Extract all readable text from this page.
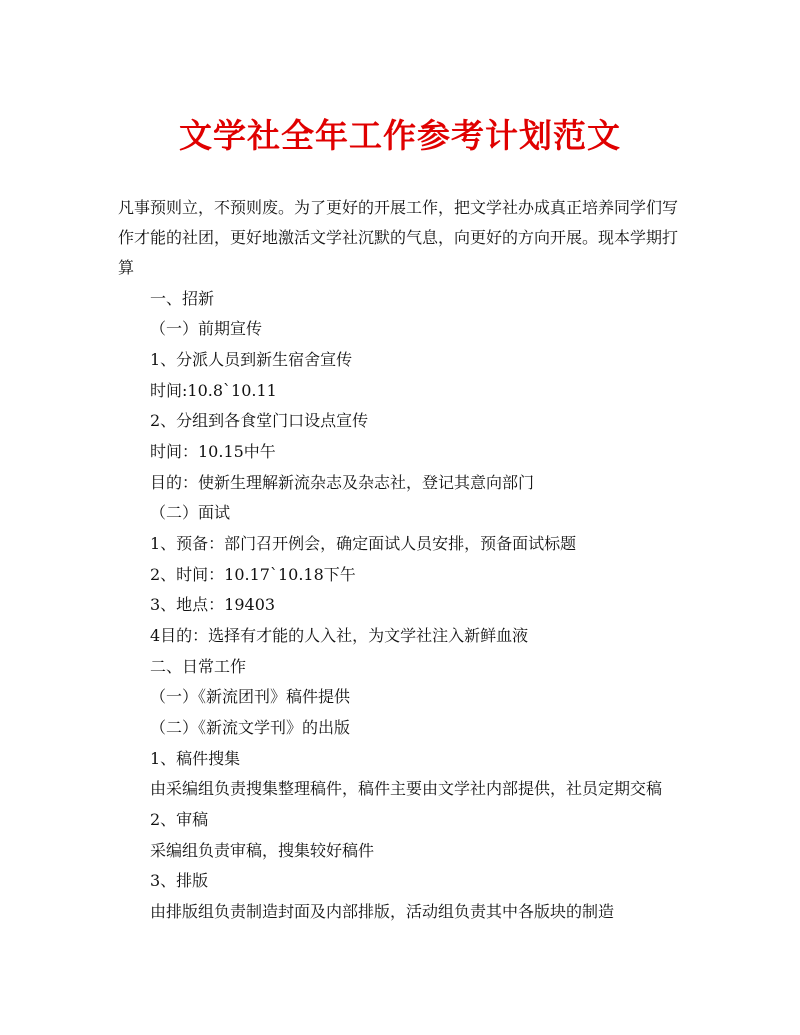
文学社全年工作参考计划范文
凡事预则立，不预则废。为了更好的开展工作，把文学社办成真正培养同学们写
作才能的社团，更好地激活文学社沉默的气息，向更好的方向开展。现本学期打
算
一、招新
（一）前期宣传
1、分派人员到新生宿舍宣传
时间:10.8`10.11
2、分组到各食堂门口设点宣传
时间：10.15中午
目的：使新生理解新流杂志及杂志社，登记其意向部门
（二）面试
1、预备：部门召开例会，确定面试人员安排，预备面试标题
2、时间：10.17`10.18下午
3、地点：19403
4目的：选择有才能的人入社，为文学社注入新鲜血液
二、日常工作
（一）《新流团刊》稿件提供
（二）《新流文学刊》的出版
1、稿件搜集
由采编组负责搜集整理稿件，稿件主要由文学社内部提供，社员定期交稿
2、审稿
采编组负责审稿，搜集较好稿件
3、排版
由排版组负责制造封面及内部排版，活动组负责其中各版块的制造
